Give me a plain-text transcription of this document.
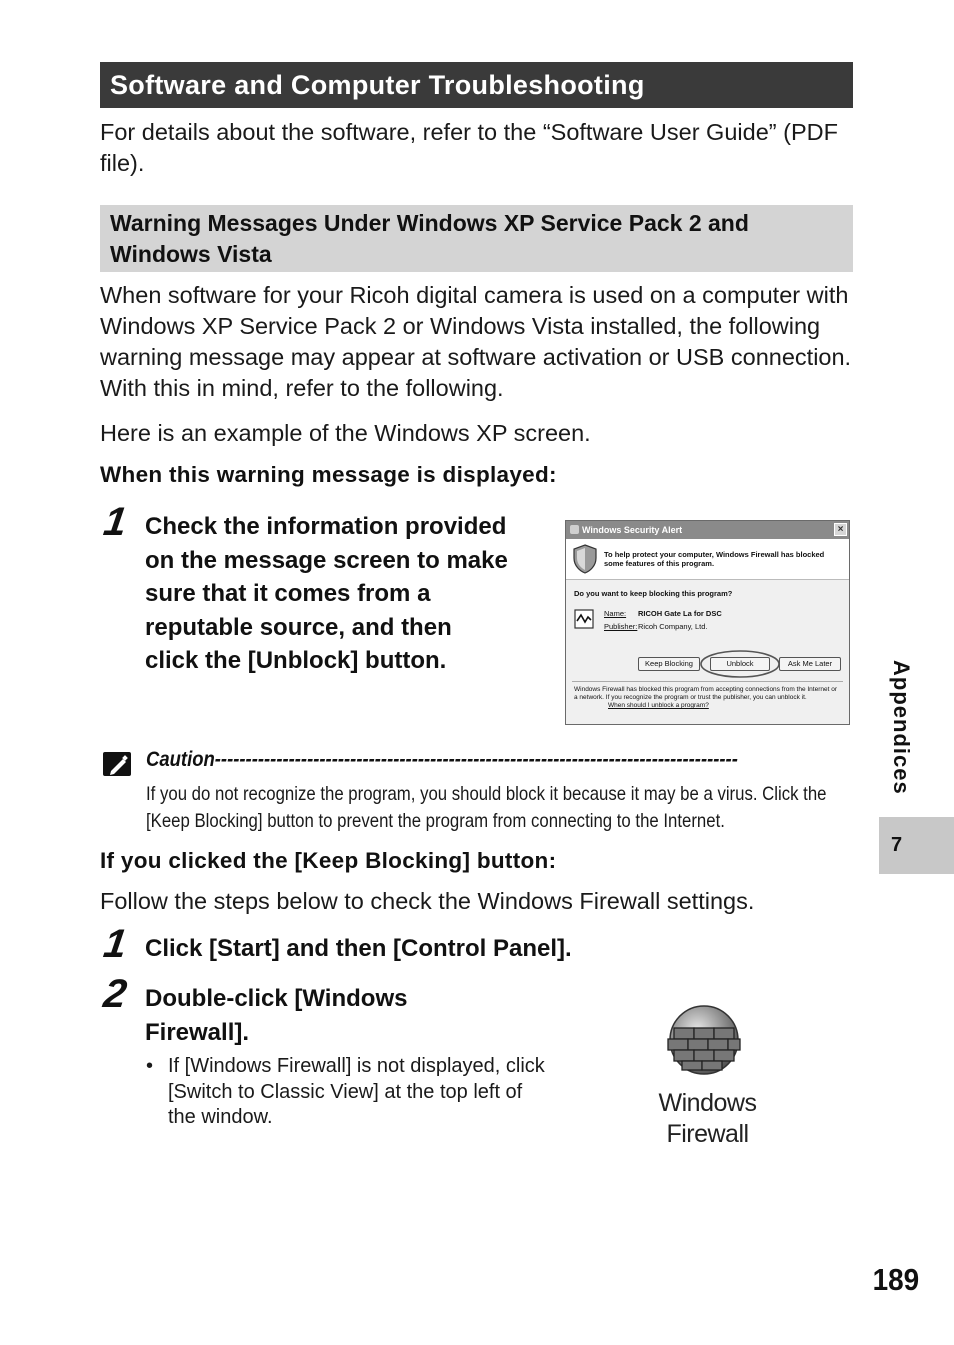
Software and Computer Troubleshooting
For details about the software, refer to the “Software User Guide” (PDF file).
Warning Messages Under Windows XP Service Pack 2 and Windows Vista
When software for your Ricoh digital camera is used on a computer with Windows XP Service Pack 2 or Windows Vista installed, the following warning message may appear at software activation or USB connection. With this in mind, refer to the following.
Here is an example of the Windows XP screen.
When this warning message is displayed:
1 Check the information provided on the message screen to make sure that it comes from a reputable source, and then click the [Unblock] button.
Windows Security Alert	×
To help protect your computer, Windows Firewall has blocked some features of this program.
Do you want to keep blocking this program?
Name: RICOH Gate La for DSC
Publisher: Ricoh Company, Ltd.
Keep Blocking	Unblock	Ask Me Later
Windows Firewall has blocked this program from accepting connections from the Internet or a network. If you recognize the program or trust the publisher, you can unblock it.
When should I unblock a program?
Caution-------------------------------------------------------------------------------------
If you do not recognize the program, you should block it because it may be a virus. Click the [Keep Blocking] button to prevent the program from connecting to the Internet.
If you clicked the [Keep Blocking] button:
Follow the steps below to check the Windows Firewall settings.
1 Click [Start] and then [Control Panel].
2 Double-click [Windows Firewall].
• If [Windows Firewall] is not displayed, click [Switch to Classic View] at the top left of the window.	Windows
Firewall
Appendices
7
189
